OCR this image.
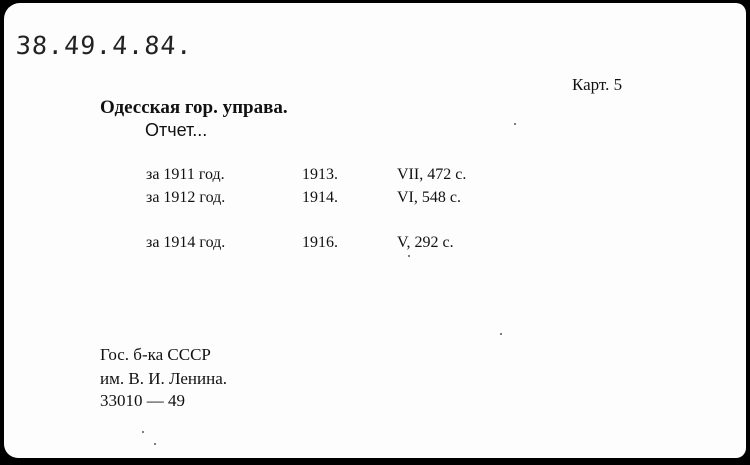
38.49.4.84.
Карт. 5
Одесская гор. управа.
Отчет...
за 1911 год.	1913.	VII, 472 с.
за 1912 год.	1914.	VI, 548 с.
за 1914 год.	1916.	V, 292 с.
Гос. б-ка СССР
им. В. И. Ленина.
33010 — 49
